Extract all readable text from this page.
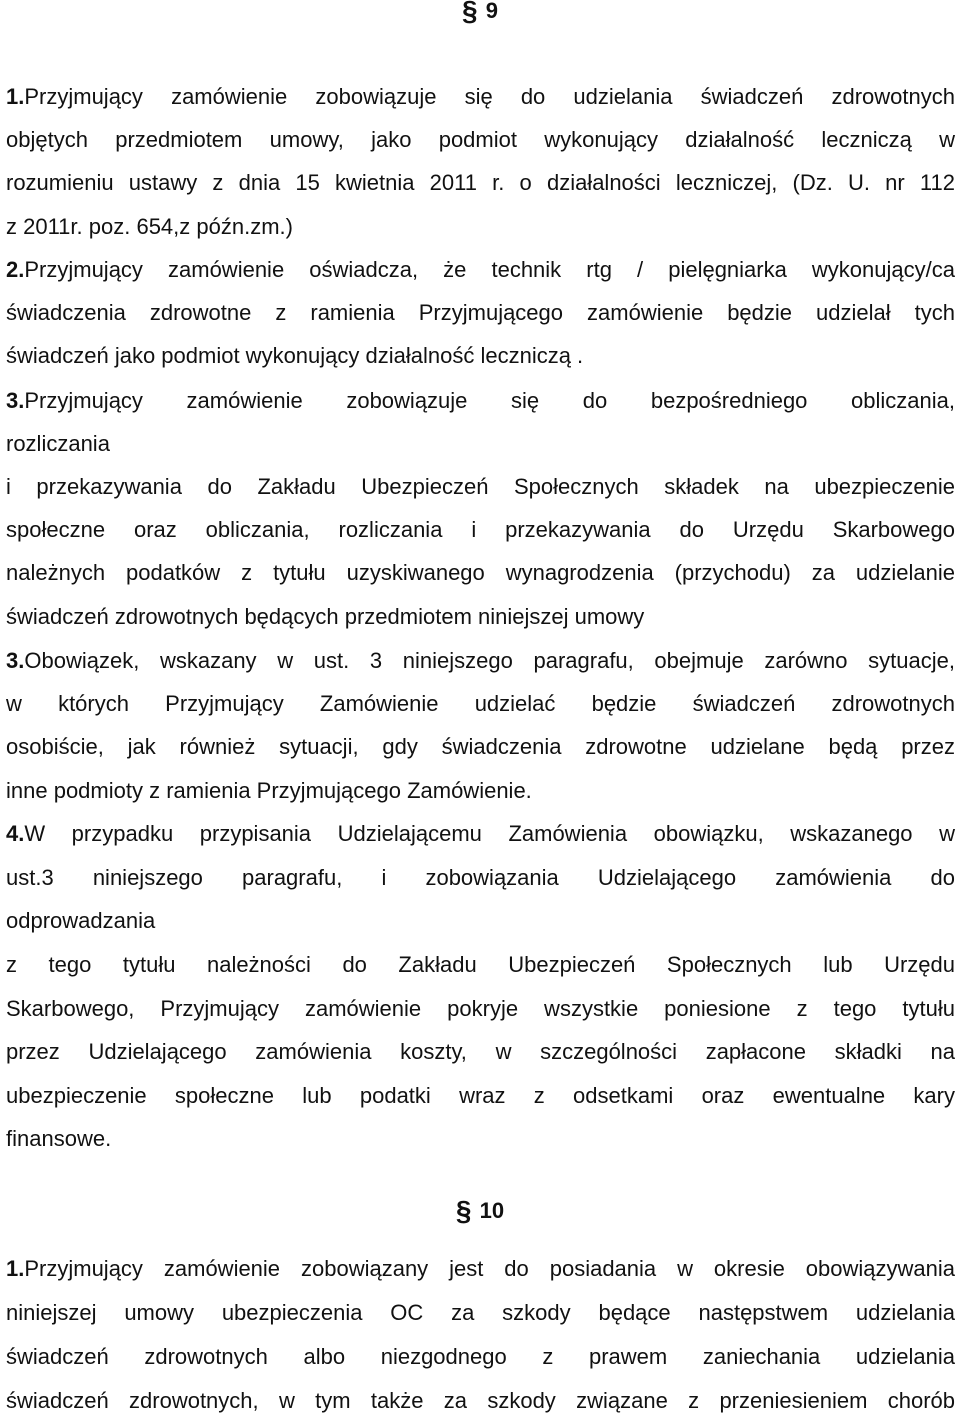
§ 9
1.Przyjmujący zamówienie zobowiązuje się do udzielania świadczeń zdrowotnych
objętych przedmiotem umowy, jako podmiot wykonujący działalność leczniczą w
rozumieniu ustawy z dnia 15 kwietnia 2011 r. o działalności leczniczej, (Dz. U. nr 112
z 2011r. poz. 654,z późn.zm.)
2.Przyjmujący zamówienie oświadcza, że technik rtg / pielęgniarka wykonujący/ca
świadczenia zdrowotne z ramienia Przyjmującego zamówienie będzie udzielał tych
świadczeń jako podmiot wykonujący działalność leczniczą .
3.Przyjmujący zamówienie zobowiązuje się do bezpośredniego obliczania,
rozliczania
i przekazywania do Zakładu Ubezpieczeń Społecznych składek na ubezpieczenie
społeczne oraz obliczania, rozliczania i przekazywania do Urzędu Skarbowego
należnych podatków z tytułu uzyskiwanego wynagrodzenia (przychodu) za udzielanie
świadczeń zdrowotnych będących przedmiotem niniejszej umowy
3.Obowiązek, wskazany w ust. 3 niniejszego paragrafu, obejmuje zarówno sytuacje,
w których Przyjmujący Zamówienie udzielać będzie świadczeń zdrowotnych
osobiście, jak również sytuacji, gdy świadczenia zdrowotne udzielane będą przez
inne podmioty z ramienia Przyjmującego Zamówienie.
4.W przypadku przypisania Udzielającemu Zamówienia obowiązku, wskazanego w
ust.3 niniejszego paragrafu, i zobowiązania Udzielającego zamówienia do
odprowadzania
z tego tytułu należności do Zakładu Ubezpieczeń Społecznych lub Urzędu
Skarbowego, Przyjmujący zamówienie pokryje wszystkie poniesione z tego tytułu
przez Udzielającego zamówienia koszty, w szczególności zapłacone składki na
ubezpieczenie społeczne lub podatki wraz z odsetkami oraz ewentualne kary
finansowe.
§ 10
1.Przyjmujący zamówienie zobowiązany jest do posiadania w okresie obowiązywania
niniejszej umowy ubezpieczenia OC za szkody będące następstwem udzielania
świadczeń zdrowotnych albo niezgodnego z prawem zaniechania udzielania
świadczeń zdrowotnych, w tym także za szkody związane z przeniesieniem chorób
